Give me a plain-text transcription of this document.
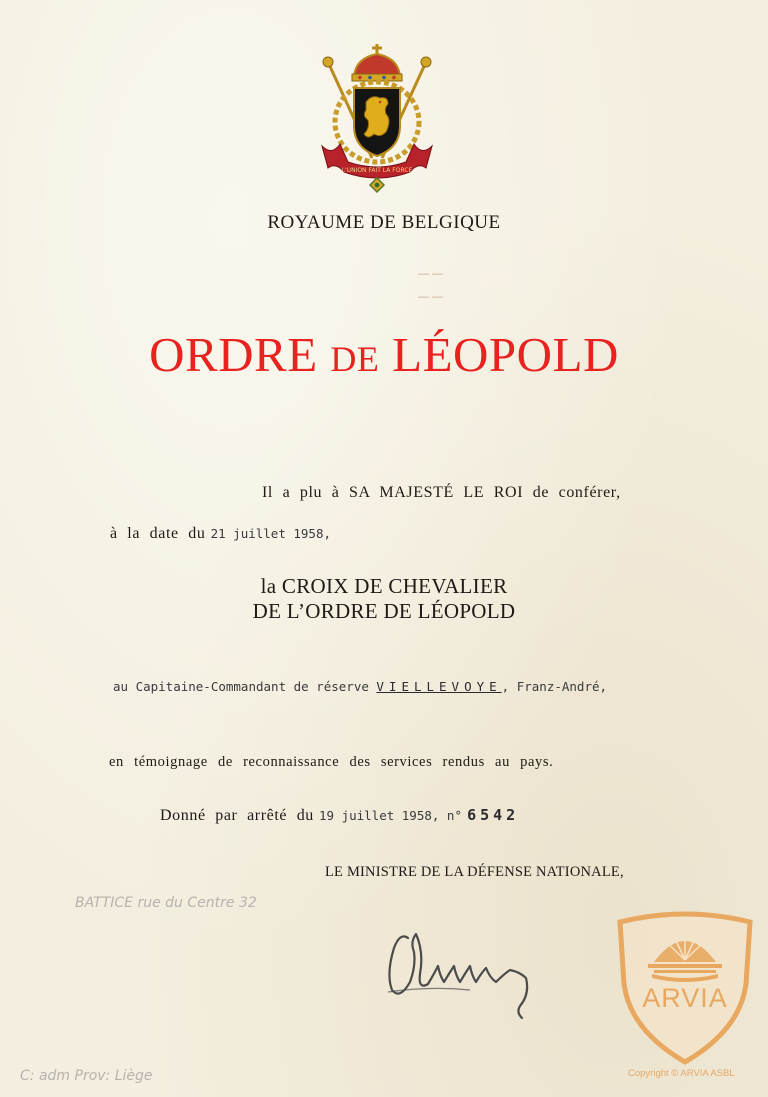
L'UNION FAIT LA FORCE
ROYAUME DE BELGIQUE
— —
— —
ORDRE DE LÉOPOLD
Il a plu à SA MAJESTÉ LE ROI de conférer,
à la date du 21 juillet 1958,
la CROIX DE CHEVALIER
DE L’ORDRE DE LÉOPOLD
au Capitaine-Commandant de réserve VIELLEVOYE, Franz-André,
en témoignage de reconnaissance des services rendus au pays.
Donné par arrêté du 19 juillet 1958, n° 6542
LE MINISTRE DE LA DÉFENSE NATIONALE,
BATTICE rue du Centre 32
C: adm Prov: Liège
ARVIA
Copyright © ARVIA ASBL
